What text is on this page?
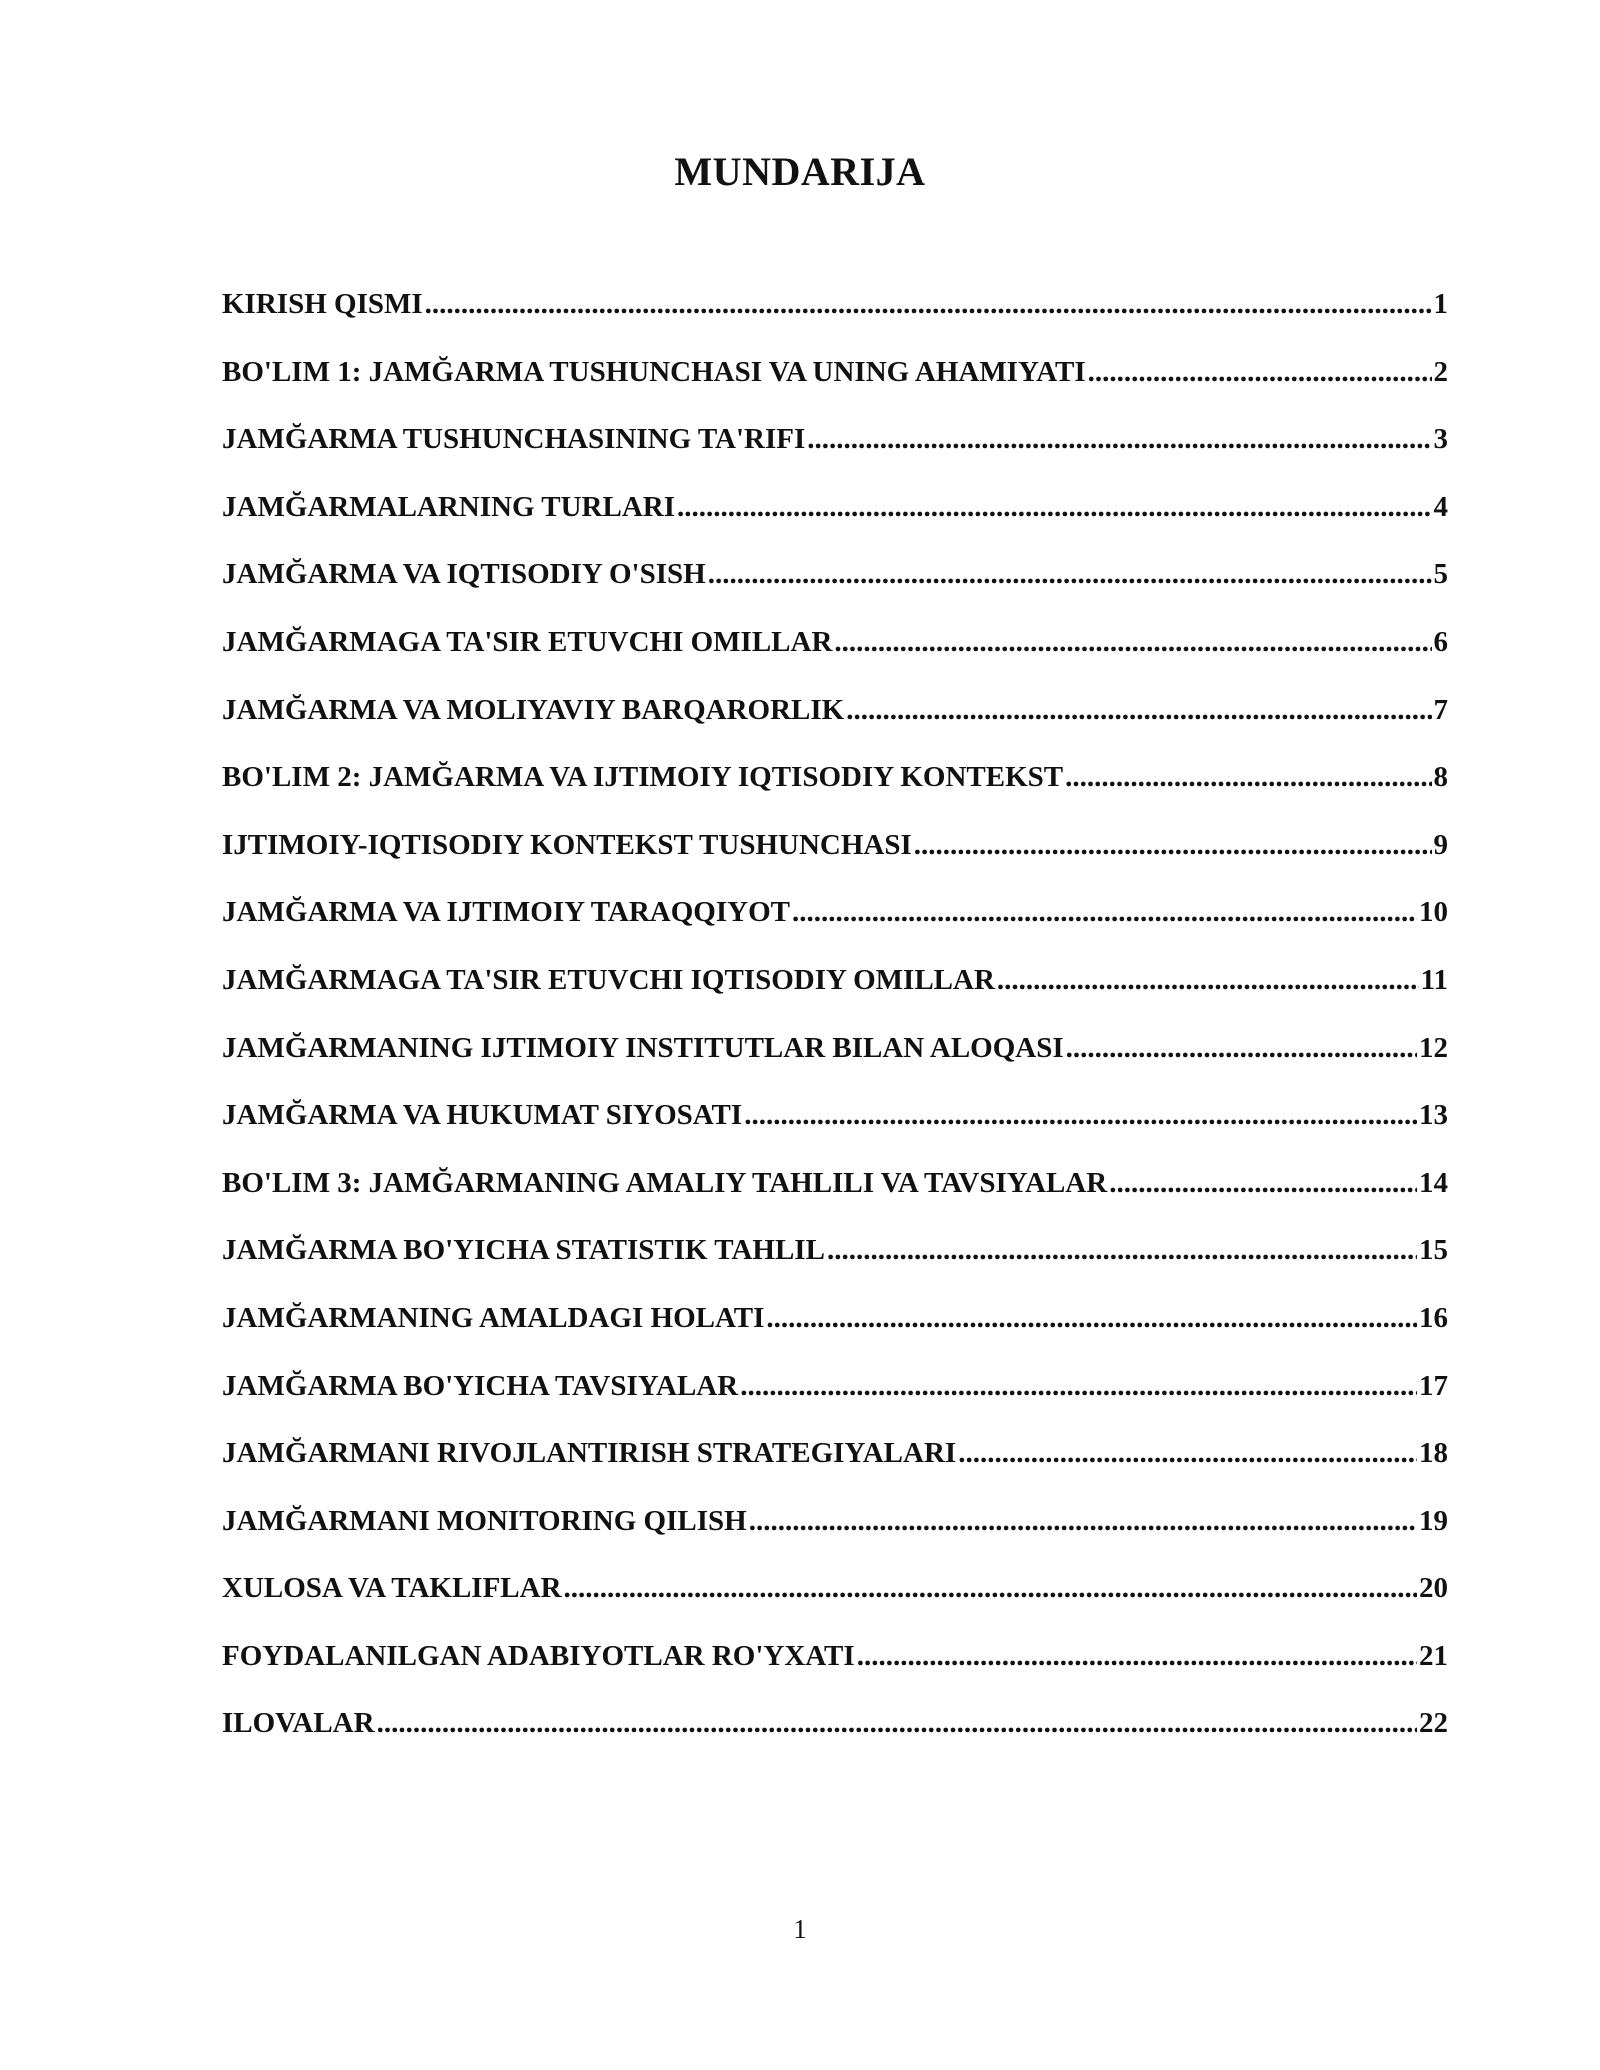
MUNDARIJA
KIRISH QISMI .....	1
BO'LIM 1: JAMĞARMA TUSHUNCHASI VA UNING AHAMIYATI .....	2
JAMĞARMA TUSHUNCHASINING TA'RIFI .....	3
JAMĞARMALARNING TURLARI .....	4
JAMĞARMA VA IQTISODIY O'SISH .....	5
JAMĞARMAGA TA'SIR ETUVCHI OMILLAR .....	6
JAMĞARMA VA MOLIYAVIY BARQARORLIK .....	7
BO'LIM 2: JAMĞARMA VA IJTIMOIY IQTISODIY KONTEKST .....	8
IJTIMOIY-IQTISODIY KONTEKST TUSHUNCHASI .....	9
JAMĞARMA VA IJTIMOIY TARAQQIYOT .....	10
JAMĞARMAGA TA'SIR ETUVCHI IQTISODIY OMILLAR .....	11
JAMĞARMANING IJTIMOIY INSTITUTLAR BILAN ALOQASI .....	12
JAMĞARMA VA HUKUMAT SIYOSATI .....	13
BO'LIM 3: JAMĞARMANING AMALIY TAHLILI VA TAVSIYALAR .....	14
JAMĞARMA BO'YICHA STATISTIK TAHLIL .....	15
JAMĞARMANING AMALDAGI HOLATI .....	16
JAMĞARMA BO'YICHA TAVSIYALAR .....	17
JAMĞARMANI RIVOJLANTIRISH STRATEGIYALARI .....	18
JAMĞARMANI MONITORING QILISH .....	19
XULOSA VA TAKLIFLAR .....	20
FOYDALANILGAN ADABIYOTLAR RO'YXATI .....	21
ILOVALAR .....	22
1
